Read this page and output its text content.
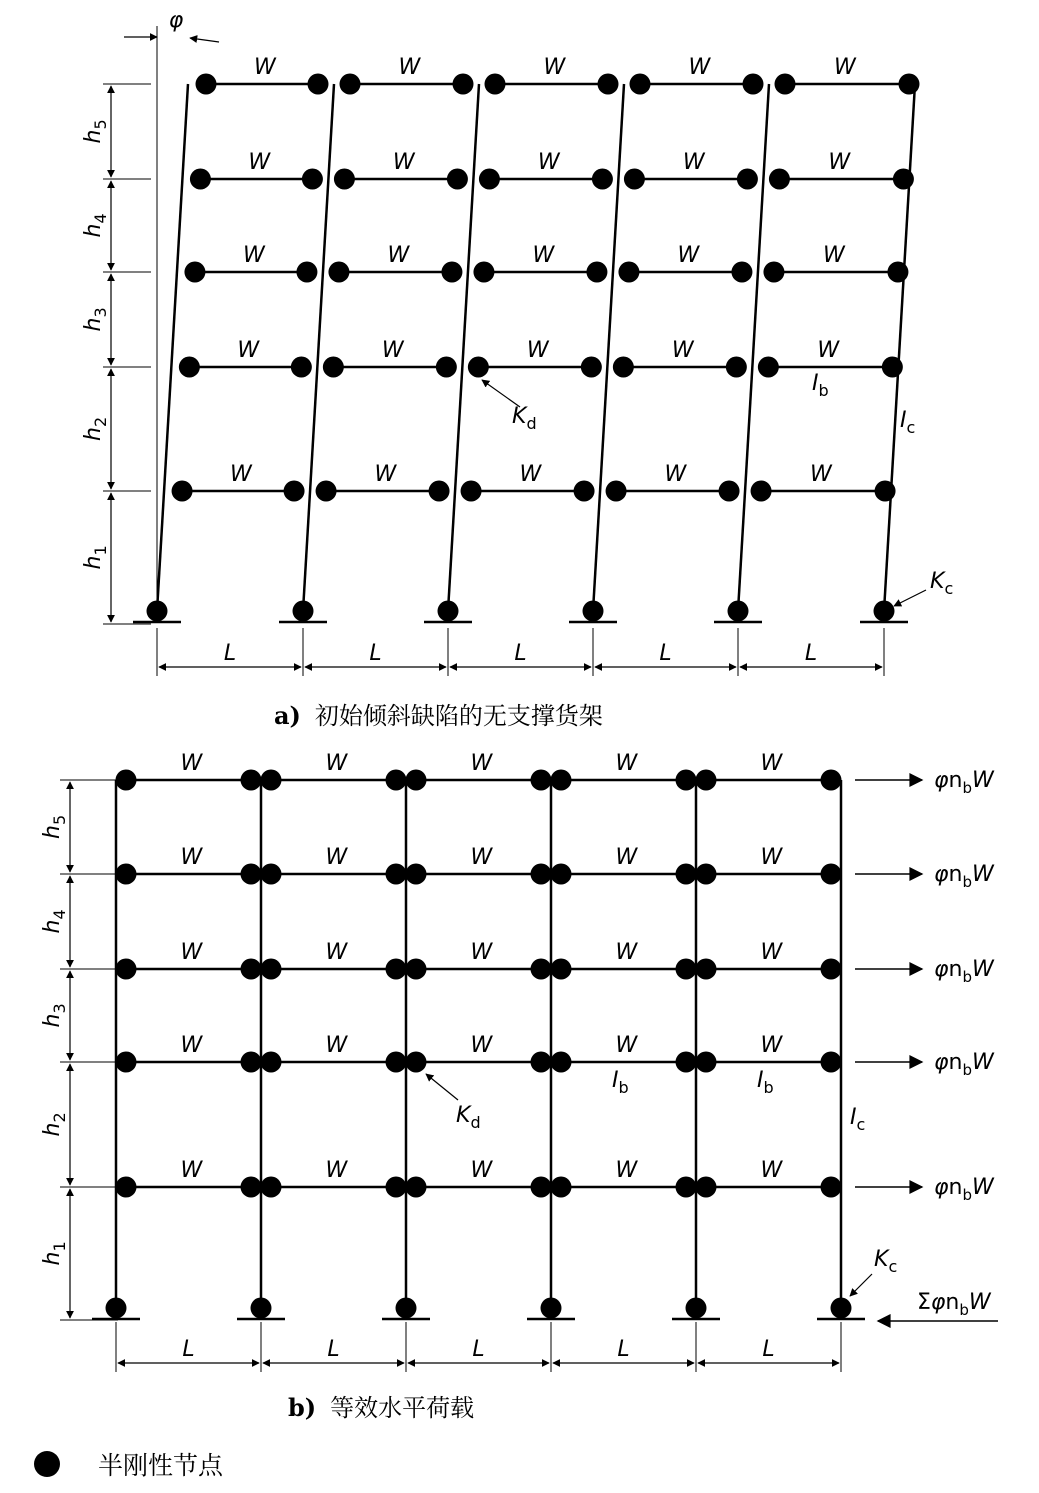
W	W	W	W	W
W	W	W	W	W
W	W	W	W	W
W	W	W	W	W
W	W	W	W	W
φ
$h_1$
$h_2$
$h_3$
$h_4$
$h_5$
L	L	L	L	L
$K_d$
$I_b$
$I_c$
$K_c$
W	W	W	W	W
$\varphi n_bW$
W	W	W	W	W
$\varphi n_bW$
W	W	W	W	W
$\varphi n_bW$
W	W	W	W	W
$\varphi n_bW$
W	W	W	W	W
$\varphi n_bW$
Σφn$_b$W
$h_1$
$h_2$
$h_3$
$h_4$
$h_5$
L	L	L	L	L
$K_d$
$I_b$	$I_b$
$I_c$
$K_c$
a) 初始倾斜缺陷的无支撑货架
b) 等效水平荷载
半刚性节点
